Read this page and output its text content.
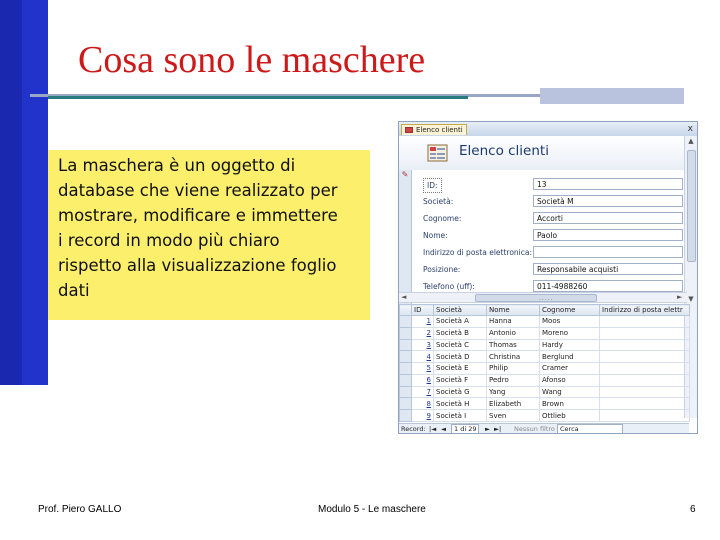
Cosa sono le maschere
La maschera è un oggetto di
database che viene realizzato per
mostrare, modificare e immettere
i record in modo più chiaro
rispetto alla visualizzazione foglio
dati
Elenco clienti	x
Elenco clienti
✎
ID:	13
Società:	Società M
Cognome:	Accorti
Nome:	Paolo
Indirizzo di posta elettronica:
Posizione:	Responsabile acquisti
Telefono (uff):	011-4988260
▲
▼
◄	►
·····
	ID	Società	Nome	Cognome	Indirizzo di posta elettr
	1	Società A	Hanna	Moos	
	2	Società B	Antonio	Moreno	
	3	Società C	Thomas	Hardy	
	4	Società D	Christina	Berglund	
	5	Società E	Philip	Cramer	
	6	Società F	Pedro	Afonso	
	7	Società G	Yang	Wang	
	8	Società H	Elizabeth	Brown	
	9	Società I	Sven	Ottlieb	
Record: |◄ ◄	1 di 29	► ►| Nessun filtro Cerca
Prof. Piero GALLO	Modulo 5 - Le maschere	6
